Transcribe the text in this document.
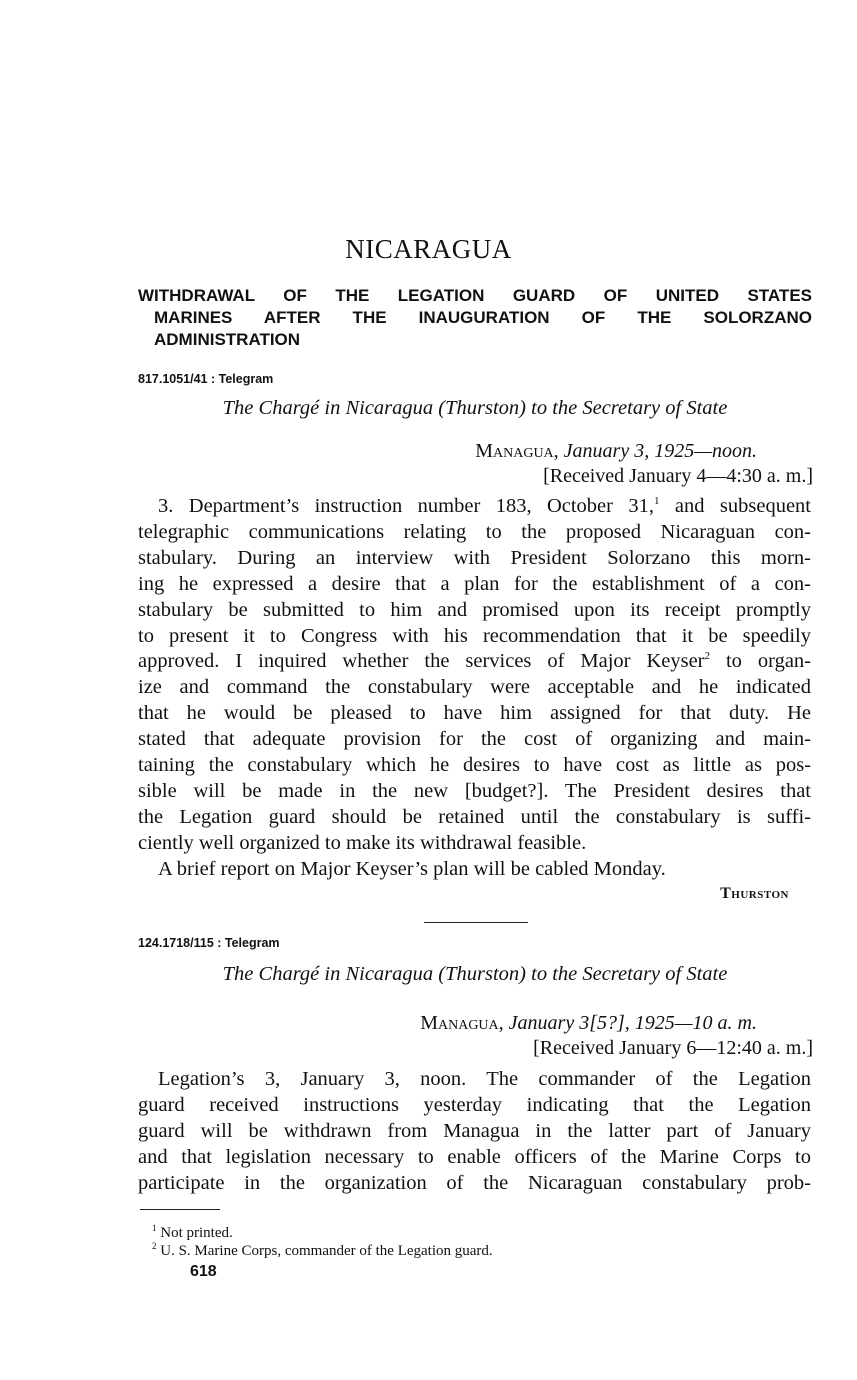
NICARAGUA
WITHDRAWAL OF THE LEGATION GUARD OF UNITED STATES
MARINES AFTER THE INAUGURATION OF THE SOLORZANO
ADMINISTRATION
817.1051/41 : Telegram
The Chargé in Nicaragua (Thurston) to the Secretary of State
Managua, January 3, 1925—noon.
[Received January 4—4:30 a. m.]
3. Department’s instruction number 183, October 31,$^1$ and subsequent
telegraphic communications relating to the proposed Nicaraguan con-
stabulary. During an interview with President Solorzano this morn-
ing he expressed a desire that a plan for the establishment of a con-
stabulary be submitted to him and promised upon its receipt promptly
to present it to Congress with his recommendation that it be speedily
approved. I inquired whether the services of Major Keyser$^2$ to organ-
ize and command the constabulary were acceptable and he indicated
that he would be pleased to have him assigned for that duty. He
stated that adequate provision for the cost of organizing and main-
taining the constabulary which he desires to have cost as little as pos-
sible will be made in the new [budget?]. The President desires that
the Legation guard should be retained until the constabulary is suffi-
ciently well organized to make its withdrawal feasible.
A brief report on Major Keyser’s plan will be cabled Monday.
Thurston
124.1718/115 : Telegram
The Chargé in Nicaragua (Thurston) to the Secretary of State
Managua, January 3[5?], 1925—10 a. m.
[Received January 6—12:40 a. m.]
Legation’s 3, January 3, noon. The commander of the Legation
guard received instructions yesterday indicating that the Legation
guard will be withdrawn from Managua in the latter part of January
and that legislation necessary to enable officers of the Marine Corps to
participate in the organization of the Nicaraguan constabulary prob-
$^1$ Not printed.
$^2$ U. S. Marine Corps, commander of the Legation guard.
618
